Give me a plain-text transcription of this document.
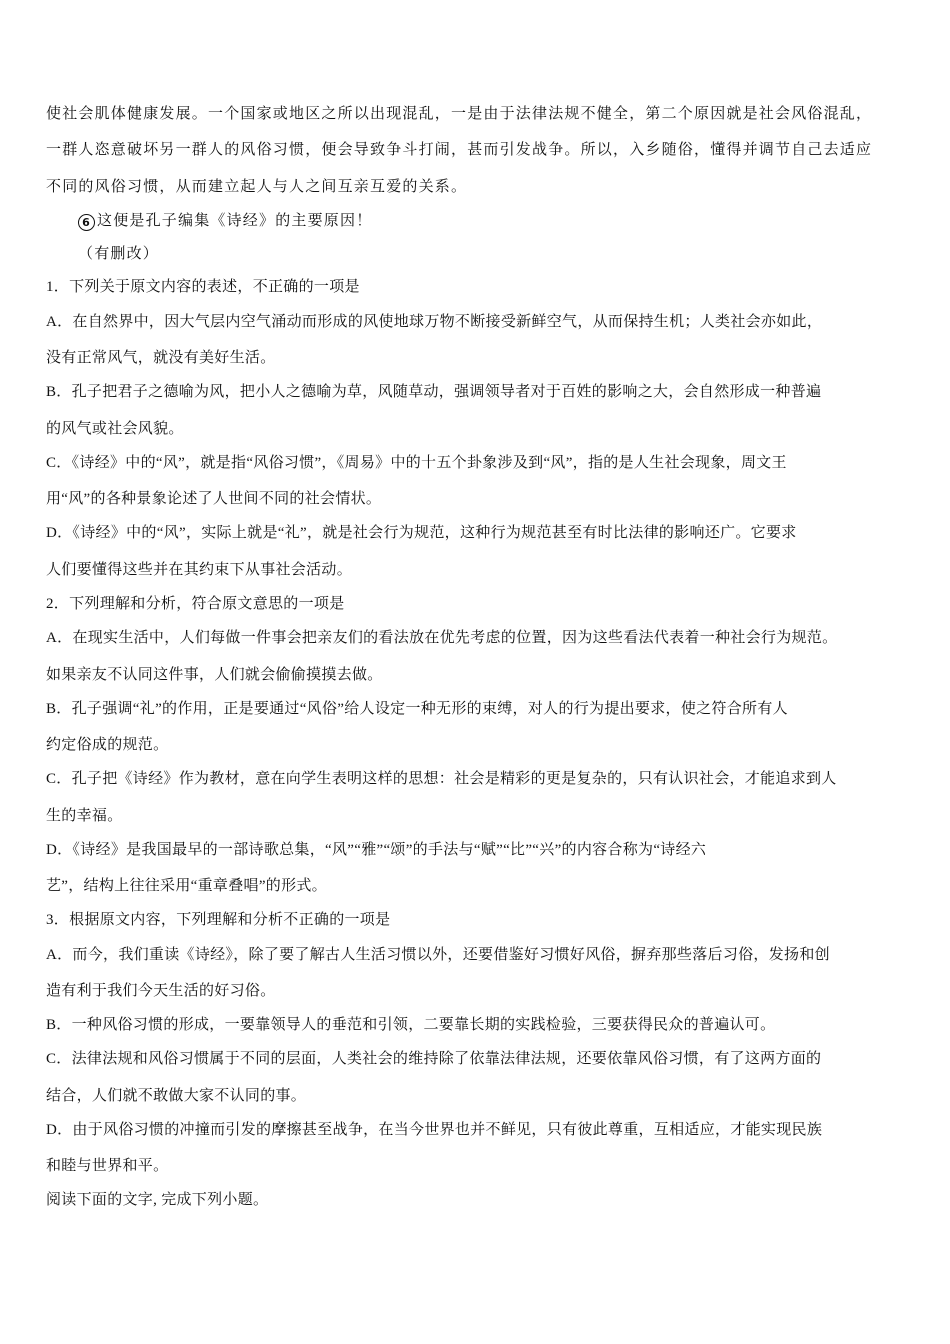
使社会肌体健康发展。一个国家或地区之所以出现混乱，一是由于法律法规不健全，第二个原因就是社会风俗混乱，
一群人恣意破坏另一群人的风俗习惯，便会导致争斗打闹，甚而引发战争。所以，入乡随俗，懂得并调节自己去适应
不同的风俗习惯，从而建立起人与人之间互亲互爱的关系。
6 这便是孔子编集《诗经》的主要原因！
（有删改）
1．下列关于原文内容的表述，不正确的一项是
A．在自然界中，因大气层内空气涌动而形成的风使地球万物不断接受新鲜空气，从而保持生机；人类社会亦如此，
没有正常风气，就没有美好生活。
B．孔子把君子之德喻为风，把小人之德喻为草，风随草动，强调领导者对于百姓的影响之大，会自然形成一种普遍
的风气或社会风貌。
C．《诗经》中的“风”，就是指“风俗习惯”，《周易》中的十五个卦象涉及到“风”，指的是人生社会现象，周文王
用“风”的各种景象论述了人世间不同的社会情状。
D．《诗经》中的“风”，实际上就是“礼”，就是社会行为规范，这种行为规范甚至有时比法律的影响还广。它要求
人们要懂得这些并在其约束下从事社会活动。
2．下列理解和分析，符合原文意思的一项是
A．在现实生活中，人们每做一件事会把亲友们的看法放在优先考虑的位置，因为这些看法代表着一种社会行为规范。
如果亲友不认同这件事，人们就会偷偷摸摸去做。
B．孔子强调“礼”的作用，正是要通过“风俗”给人设定一种无形的束缚，对人的行为提出要求，使之符合所有人
约定俗成的规范。
C．孔子把《诗经》作为教材，意在向学生表明这样的思想：社会是精彩的更是复杂的，只有认识社会，才能追求到人
生的幸福。
D．《诗经》是我国最早的一部诗歌总集，“风”“雅”“颂”的手法与“赋”“比”“兴”的内容合称为“诗经六
艺”，结构上往往采用“重章叠唱”的形式。
3．根据原文内容，下列理解和分析不正确的一项是
A．而今，我们重读《诗经》，除了要了解古人生活习惯以外，还要借鉴好习惯好风俗，摒弃那些落后习俗，发扬和创
造有利于我们今天生活的好习俗。
B．一种风俗习惯的形成，一要靠领导人的垂范和引领，二要靠长期的实践检验，三要获得民众的普遍认可。
C．法律法规和风俗习惯属于不同的层面，人类社会的维持除了依靠法律法规，还要依靠风俗习惯，有了这两方面的
结合，人们就不敢做大家不认同的事。
D．由于风俗习惯的冲撞而引发的摩擦甚至战争，在当今世界也并不鲜见，只有彼此尊重，互相适应，才能实现民族
和睦与世界和平。
阅读下面的文字, 完成下列小题。
